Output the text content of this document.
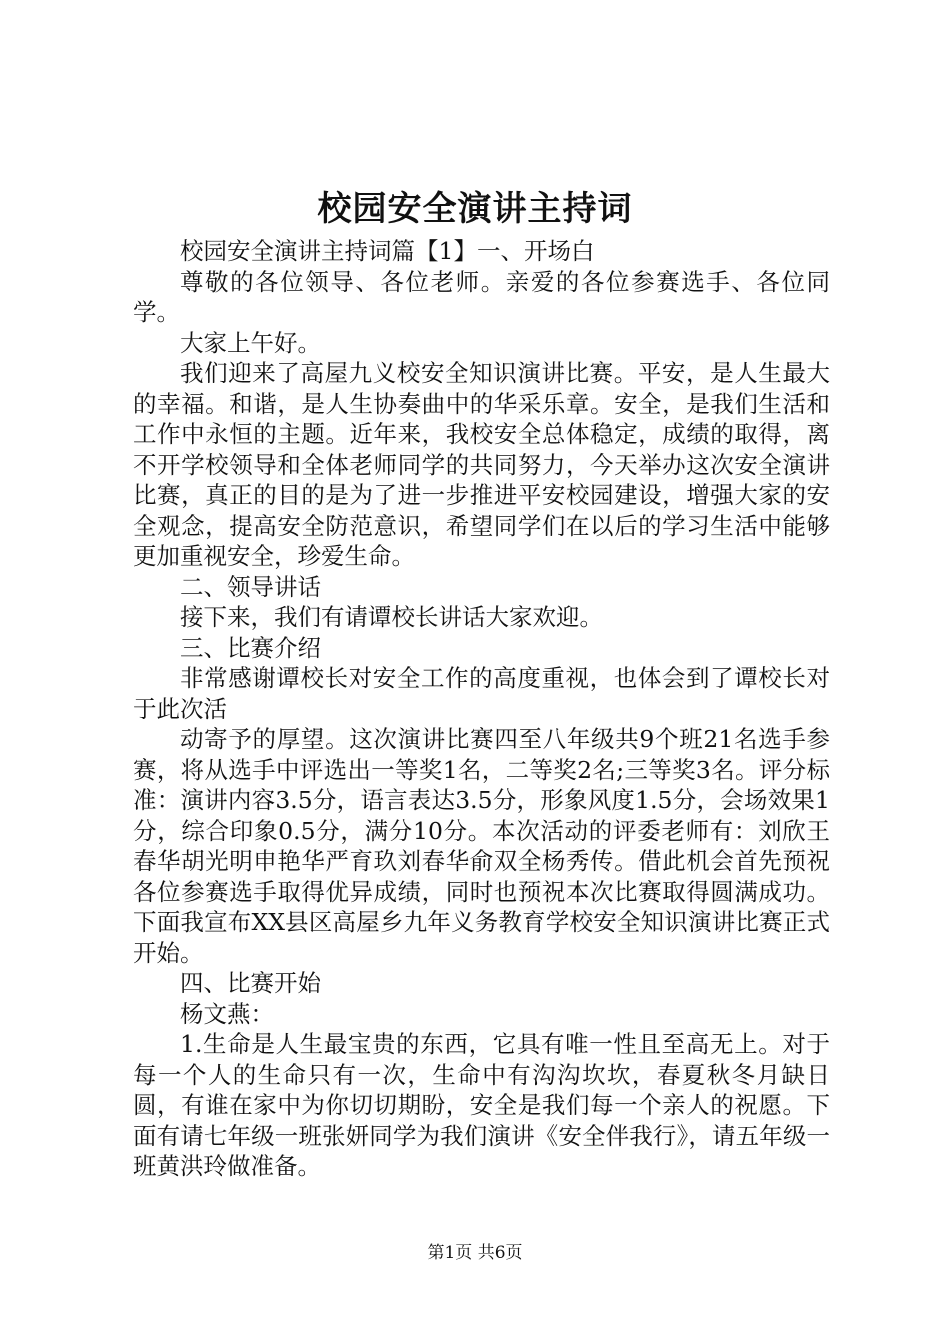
校园安全演讲主持词

校园安全演讲主持词篇【1】一、开场白

尊敬的各位领导、各位老师。亲爱的各位参赛选手、各位同学。

大家上午好。

我们迎来了高屋九义校安全知识演讲比赛。平安，是人生最大的幸福。和谐，是人生协奏曲中的华采乐章。安全，是我们生活和工作中永恒的主题。近年来，我校安全总体稳定，成绩的取得，离不开学校领导和全体老师同学的共同努力，今天举办这次安全演讲比赛，真正的目的是为了进一步推进平安校园建设，增强大家的安全观念，提高安全防范意识，希望同学们在以后的学习生活中能够更加重视安全，珍爱生命。

二、领导讲话

接下来，我们有请谭校长讲话大家欢迎。

三、比赛介绍

非常感谢谭校长对安全工作的高度重视，也体会到了谭校长对于此次活

动寄予的厚望。这次演讲比赛四至八年级共9个班21名选手参赛，将从选手中评选出一等奖1名，二等奖2名;三等奖3名。评分标准：演讲内容3.5分，语言表达3.5分，形象风度1.5分，会场效果1分，综合印象0.5分，满分10分。本次活动的评委老师有：刘欣王春华胡光明申艳华严育玖刘春华俞双全杨秀传。借此机会首先预祝各位参赛选手取得优异成绩，同时也预祝本次比赛取得圆满成功。下面我宣布XX县区高屋乡九年义务教育学校安全知识演讲比赛正式开始。

四、比赛开始

杨文燕：

1.生命是人生最宝贵的东西，它具有唯一性且至高无上。对于每一个人的生命只有一次，生命中有沟沟坎坎，春夏秋冬月缺日圆，有谁在家中为你切切期盼，安全是我们每一个亲人的祝愿。下面有请七年级一班张妍同学为我们演讲《安全伴我行》，请五年级一班黄洪玲做准备。

第1页 共6页
